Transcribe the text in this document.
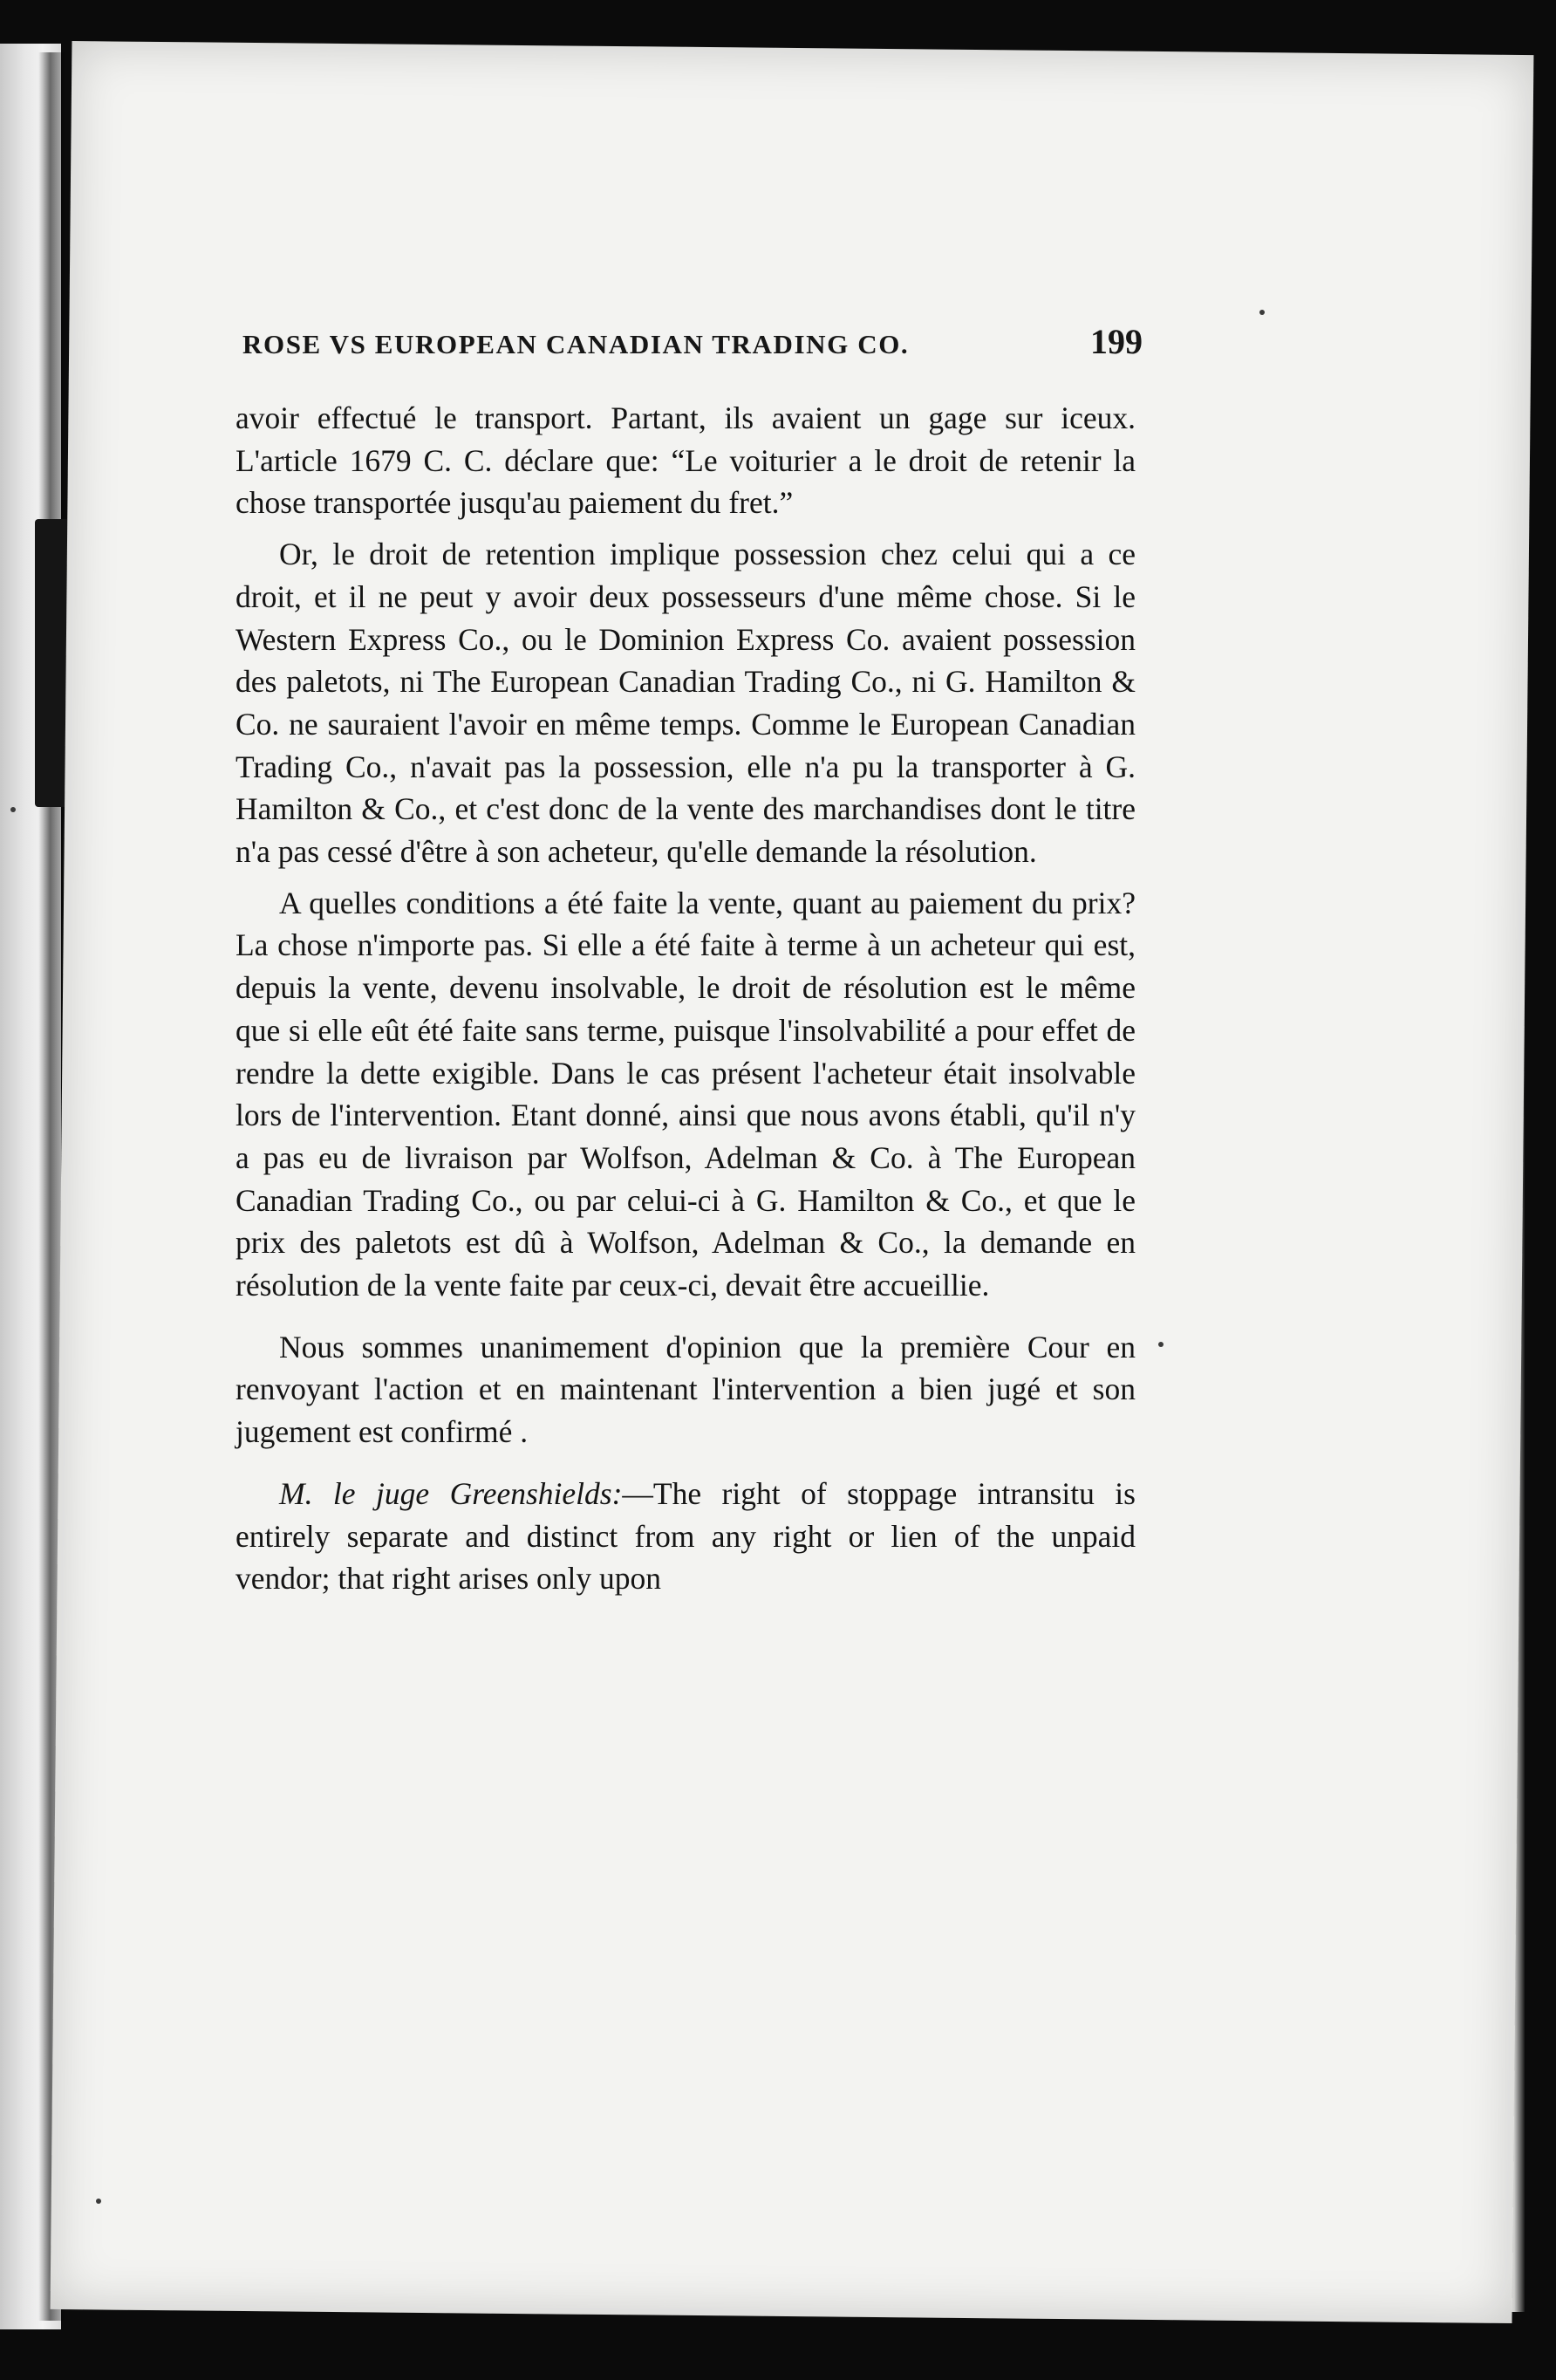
ROSE VS EUROPEAN CANADIAN TRADING CO.	199

avoir effectué le transport. Partant, ils avaient un gage sur iceux. L'article 1679 C. C. déclare que: “Le voiturier a le droit de retenir la chose transportée jusqu'au paiement du fret.”

Or, le droit de retention implique possession chez celui qui a ce droit, et il ne peut y avoir deux possesseurs d'une même chose. Si le Western Express Co., ou le Dominion Express Co. avaient possession des paletots, ni The European Canadian Trading Co., ni G. Hamilton & Co. ne sauraient l'avoir en même temps. Comme le European Canadian Trading Co., n'avait pas la possession, elle n'a pu la transporter à G. Hamilton & Co., et c'est donc de la vente des marchandises dont le titre n'a pas cessé d'être à son acheteur, qu'elle demande la résolution.

A quelles conditions a été faite la vente, quant au paiement du prix? La chose n'importe pas. Si elle a été faite à terme à un acheteur qui est, depuis la vente, devenu insolvable, le droit de résolution est le même que si elle eût été faite sans terme, puisque l'insolvabilité a pour effet de rendre la dette exigible. Dans le cas présent l'acheteur était insolvable lors de l'intervention. Etant donné, ainsi que nous avons établi, qu'il n'y a pas eu de livraison par Wolfson, Adelman & Co. à The European Canadian Trading Co., ou par celui-ci à G. Hamilton & Co., et que le prix des paletots est dû à Wolfson, Adelman & Co., la demande en résolution de la vente faite par ceux-ci, devait être accueillie.

Nous sommes unanimement d'opinion que la première Cour en renvoyant l'action et en maintenant l'intervention a bien jugé et son jugement est confirmé .

M. le juge Greenshields:—The right of stoppage intransitu is entirely separate and distinct from any right or lien of the unpaid vendor; that right arises only upon
